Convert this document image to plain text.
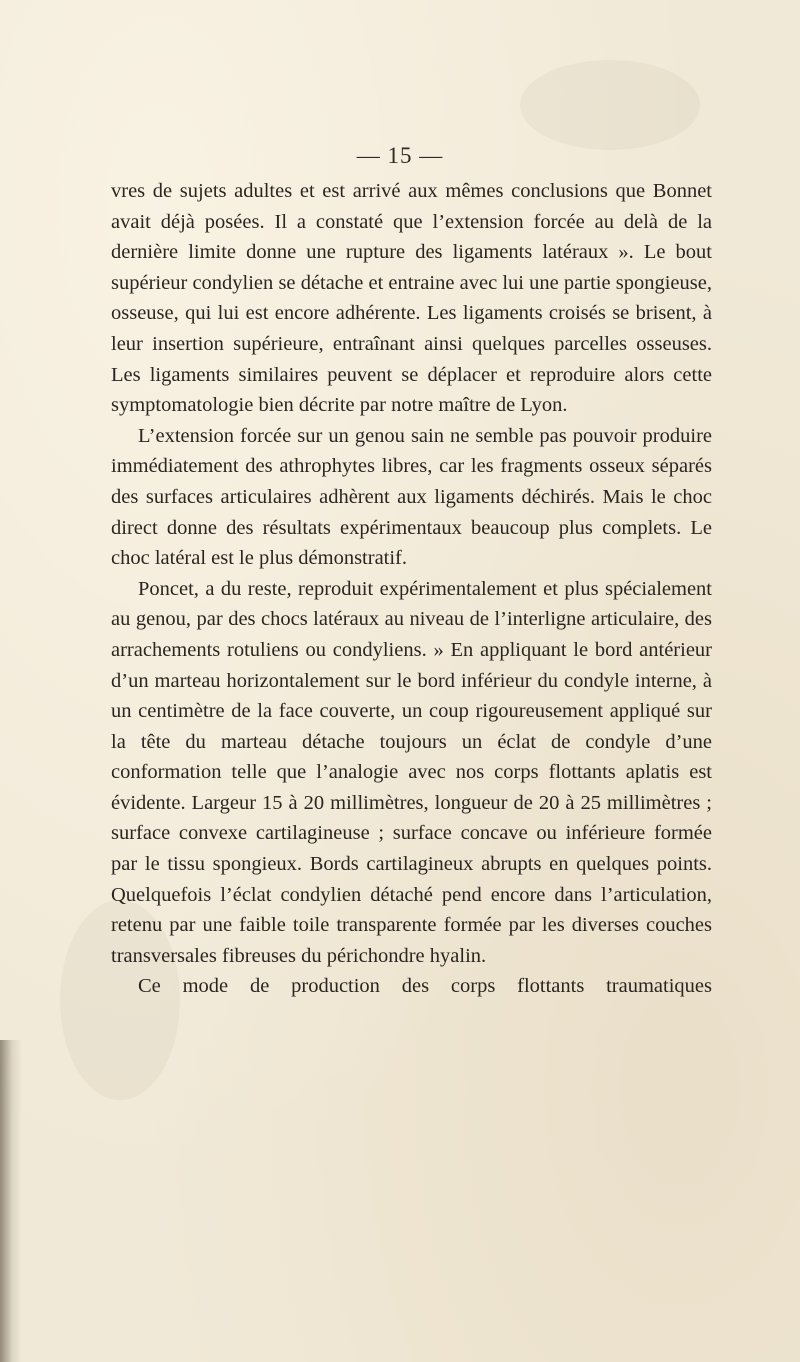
— 15 —

vres de sujets adultes et est arrivé aux mêmes conclusions que Bonnet avait déjà posées. Il a constaté que l’extension forcée au delà de la dernière limite donne une rupture des ligaments latéraux ». Le bout supérieur condylien se détache et entraine avec lui une partie spongieuse, osseuse, qui lui est encore adhérente. Les ligaments croisés se brisent, à leur insertion supérieure, entraînant ainsi quelques parcelles osseuses. Les ligaments similaires peuvent se déplacer et reproduire alors cette symptomatologie bien décrite par notre maître de Lyon.

L’extension forcée sur un genou sain ne semble pas pouvoir produire immédiatement des athrophytes libres, car les fragments osseux séparés des surfaces articulaires adhèrent aux ligaments déchirés. Mais le choc direct donne des résultats expérimentaux beaucoup plus complets. Le choc latéral est le plus démonstratif.

Poncet, a du reste, reproduit expérimentalement et plus spécialement au genou, par des chocs latéraux au niveau de l’interligne articulaire, des arrachements rotuliens ou condyliens. » En appliquant le bord antérieur d’un marteau horizontalement sur le bord inférieur du condyle interne, à un centimètre de la face couverte, un coup rigoureusement appliqué sur la tête du marteau détache toujours un éclat de condyle d’une conformation telle que l’analogie avec nos corps flottants aplatis est évidente. Largeur 15 à 20 millimètres, longueur de 20 à 25 millimètres ; surface convexe cartilagineuse ; surface concave ou inférieure formée par le tissu spongieux. Bords cartilagineux abrupts en quelques points. Quelquefois l’éclat condylien détaché pend encore dans l’articulation, retenu par une faible toile transparente formée par les diverses couches transversales fibreuses du périchondre hyalin.

Ce mode de production des corps flottants traumatiques
